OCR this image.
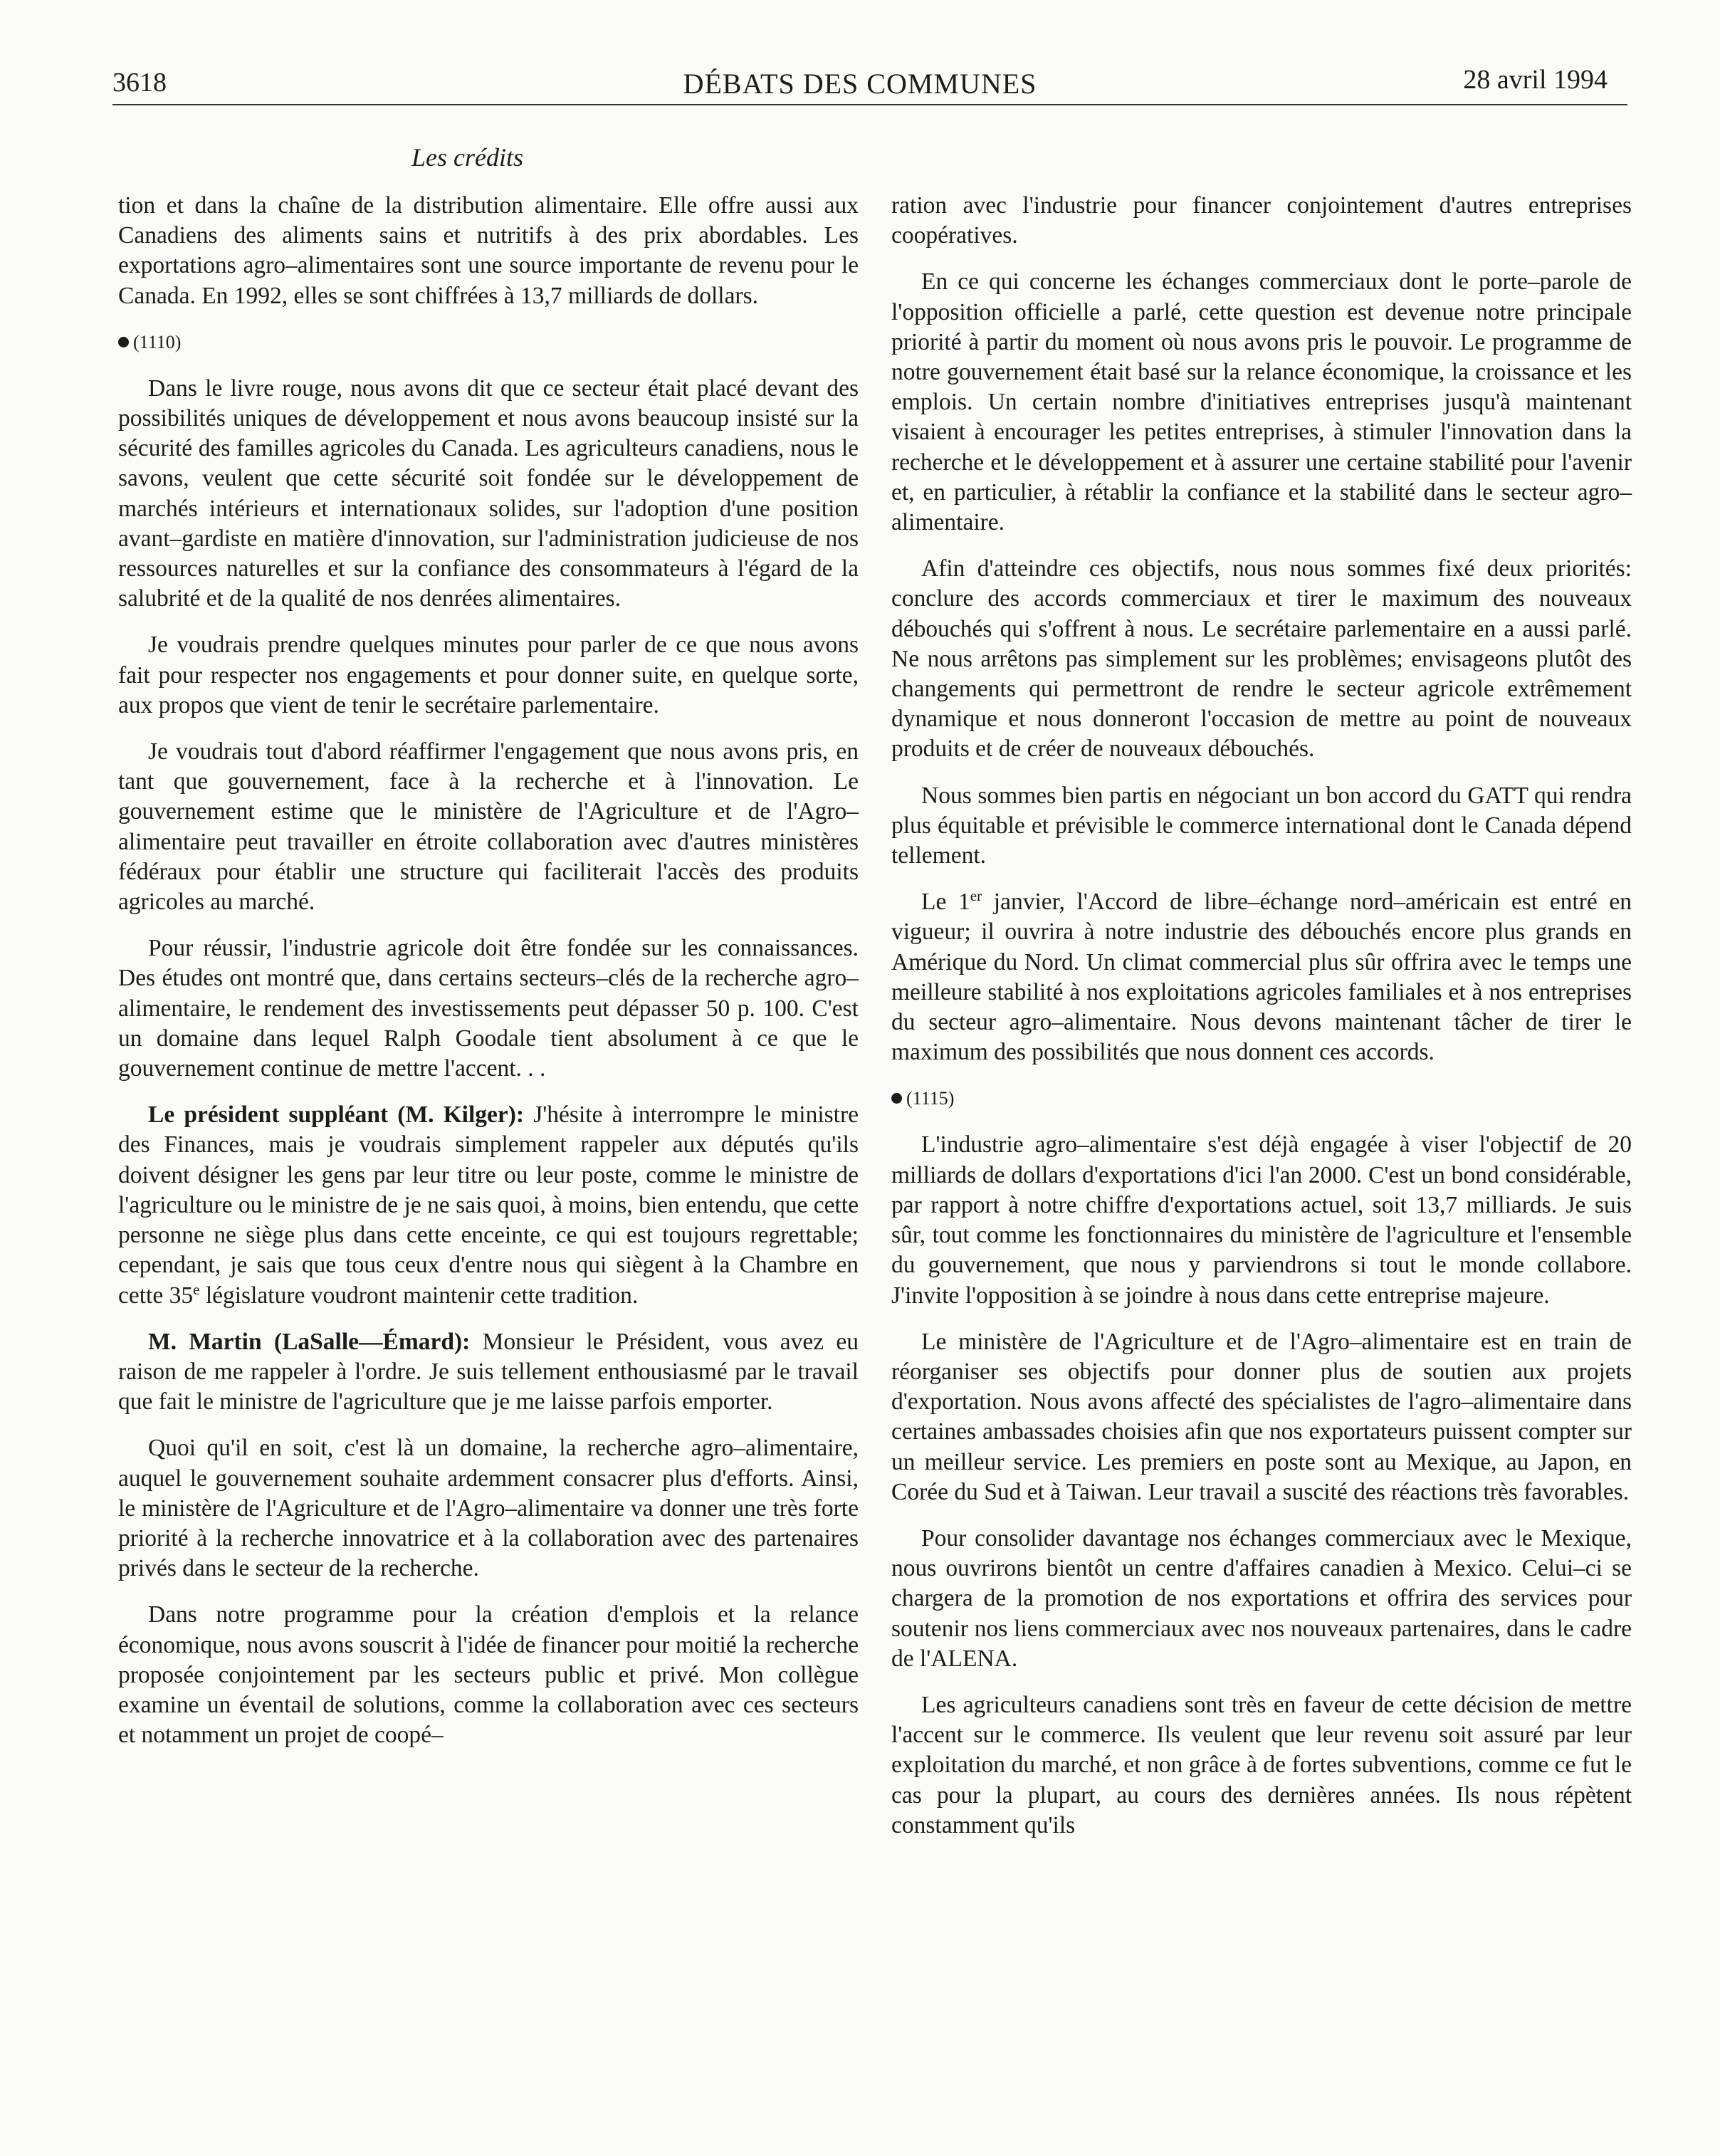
3618	DÉBATS DES COMMUNES	28 avril 1994
Les crédits

tion et dans la chaîne de la distribution alimentaire. Elle offre aussi aux Canadiens des aliments sains et nutritifs à des prix abordables. Les exportations agro–alimentaires sont une source importante de revenu pour le Canada. En 1992, elles se sont chiffrées à 13,7 milliards de dollars.

(1110)

Dans le livre rouge, nous avons dit que ce secteur était placé devant des possibilités uniques de développement et nous avons beaucoup insisté sur la sécurité des familles agricoles du Canada. Les agriculteurs canadiens, nous le savons, veulent que cette sécurité soit fondée sur le développement de marchés intérieurs et internationaux solides, sur l'adoption d'une position avant–gardiste en matière d'innovation, sur l'administration judicieuse de nos ressources naturelles et sur la confiance des consommateurs à l'égard de la salubrité et de la qualité de nos denrées alimentaires.

Je voudrais prendre quelques minutes pour parler de ce que nous avons fait pour respecter nos engagements et pour donner suite, en quelque sorte, aux propos que vient de tenir le secrétaire parlementaire.

Je voudrais tout d'abord réaffirmer l'engagement que nous avons pris, en tant que gouvernement, face à la recherche et à l'innovation. Le gouvernement estime que le ministère de l'Agriculture et de l'Agro–alimentaire peut travailler en étroite collaboration avec d'autres ministères fédéraux pour établir une structure qui faciliterait l'accès des produits agricoles au marché.

Pour réussir, l'industrie agricole doit être fondée sur les connaissances. Des études ont montré que, dans certains secteurs–clés de la recherche agro–alimentaire, le rendement des investissements peut dépasser 50 p. 100. C'est un domaine dans lequel Ralph Goodale tient absolument à ce que le gouvernement continue de mettre l'accent. . .

Le président suppléant (M. Kilger): J'hésite à interrompre le ministre des Finances, mais je voudrais simplement rappeler aux députés qu'ils doivent désigner les gens par leur titre ou leur poste, comme le ministre de l'agriculture ou le ministre de je ne sais quoi, à moins, bien entendu, que cette personne ne siège plus dans cette enceinte, ce qui est toujours regrettable; cependant, je sais que tous ceux d'entre nous qui siègent à la Chambre en cette 35e législature voudront maintenir cette tradition.

M. Martin (LaSalle—Émard): Monsieur le Président, vous avez eu raison de me rappeler à l'ordre. Je suis tellement enthousiasmé par le travail que fait le ministre de l'agriculture que je me laisse parfois emporter.

Quoi qu'il en soit, c'est là un domaine, la recherche agro–alimentaire, auquel le gouvernement souhaite ardemment consacrer plus d'efforts. Ainsi, le ministère de l'Agriculture et de l'Agro–alimentaire va donner une très forte priorité à la recherche innovatrice et à la collaboration avec des partenaires privés dans le secteur de la recherche.

Dans notre programme pour la création d'emplois et la relance économique, nous avons souscrit à l'idée de financer pour moitié la recherche proposée conjointement par les secteurs public et privé. Mon collègue examine un éventail de solutions, comme la collaboration avec ces secteurs et notamment un projet de coopé–

ration avec l'industrie pour financer conjointement d'autres entreprises coopératives.

En ce qui concerne les échanges commerciaux dont le porte–parole de l'opposition officielle a parlé, cette question est devenue notre principale priorité à partir du moment où nous avons pris le pouvoir. Le programme de notre gouvernement était basé sur la relance économique, la croissance et les emplois. Un certain nombre d'initiatives entreprises jusqu'à maintenant visaient à encourager les petites entreprises, à stimuler l'innovation dans la recherche et le développement et à assurer une certaine stabilité pour l'avenir et, en particulier, à rétablir la confiance et la stabilité dans le secteur agro–alimentaire.

Afin d'atteindre ces objectifs, nous nous sommes fixé deux priorités: conclure des accords commerciaux et tirer le maximum des nouveaux débouchés qui s'offrent à nous. Le secrétaire parlementaire en a aussi parlé. Ne nous arrêtons pas simplement sur les problèmes; envisageons plutôt des changements qui permettront de rendre le secteur agricole extrêmement dynamique et nous donneront l'occasion de mettre au point de nouveaux produits et de créer de nouveaux débouchés.

Nous sommes bien partis en négociant un bon accord du GATT qui rendra plus équitable et prévisible le commerce international dont le Canada dépend tellement.

Le 1er janvier, l'Accord de libre–échange nord–américain est entré en vigueur; il ouvrira à notre industrie des débouchés encore plus grands en Amérique du Nord. Un climat commercial plus sûr offrira avec le temps une meilleure stabilité à nos exploitations agricoles familiales et à nos entreprises du secteur agro–alimentaire. Nous devons maintenant tâcher de tirer le maximum des possibilités que nous donnent ces accords.

(1115)

L'industrie agro–alimentaire s'est déjà engagée à viser l'objectif de 20 milliards de dollars d'exportations d'ici l'an 2000. C'est un bond considérable, par rapport à notre chiffre d'exportations actuel, soit 13,7 milliards. Je suis sûr, tout comme les fonctionnaires du ministère de l'agriculture et l'ensemble du gouvernement, que nous y parviendrons si tout le monde collabore. J'invite l'opposition à se joindre à nous dans cette entreprise majeure.

Le ministère de l'Agriculture et de l'Agro–alimentaire est en train de réorganiser ses objectifs pour donner plus de soutien aux projets d'exportation. Nous avons affecté des spécialistes de l'agro–alimentaire dans certaines ambassades choisies afin que nos exportateurs puissent compter sur un meilleur service. Les premiers en poste sont au Mexique, au Japon, en Corée du Sud et à Taiwan. Leur travail a suscité des réactions très favorables.

Pour consolider davantage nos échanges commerciaux avec le Mexique, nous ouvrirons bientôt un centre d'affaires canadien à Mexico. Celui–ci se chargera de la promotion de nos exportations et offrira des services pour soutenir nos liens commerciaux avec nos nouveaux partenaires, dans le cadre de l'ALENA.

Les agriculteurs canadiens sont très en faveur de cette décision de mettre l'accent sur le commerce. Ils veulent que leur revenu soit assuré par leur exploitation du marché, et non grâce à de fortes subventions, comme ce fut le cas pour la plupart, au cours des dernières années. Ils nous répètent constamment qu'ils
